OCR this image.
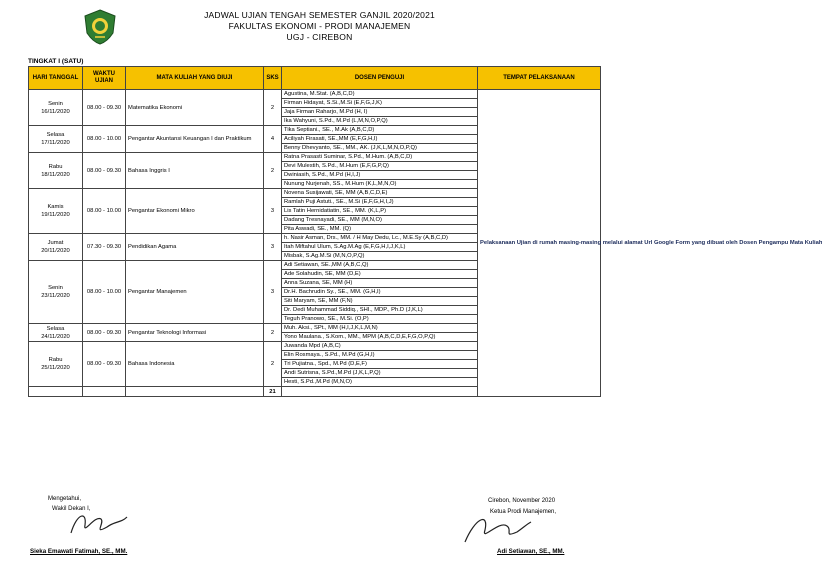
JADWAL UJIAN TENGAH SEMESTER GANJIL 2020/2021
FAKULTAS EKONOMI - PRODI MANAJEMEN
UGJ - CIREBON
TINGKAT I (SATU)
HARI TANGGAL	WAKTU UJIAN	MATA KULIAH YANG DIUJI	SKS	DOSEN PENGUJI	TEMPAT PELAKSANAAN

Senin
16/11/2020	08.00 - 09.30	Matematika Ekonomi	2	Agustina, M.Stat. (A,B,C,D)	Pelaksanaan Ujian di rumah masing-masing melalui alamat Url Google Form yang dibuat oleh Dosen Pengampu Mata Kuliah
				Firman Hidayat, S.Si.,M.Si (E,F,G,J,K)	
				Jaja Firman Raharjo, M.Pd (H, I)	
				Ika Wahyuni, S.Pd., M.Pd (L,M,N,O,P,Q)	

Selasa
17/11/2020	08.00 - 10.00	Pengantar Akuntansi Keuangan I dan Praktikum	4	Tika Septiani., SE., M.Ak (A,B,C,D)	
				Aciliyah Firasati, SE.,MM (E,F,G,H,I)	
				Benny Dhevyanto, SE., MM., AK. (J,K,L,M,N,O,P,Q)	

Rabu
18/11/2020	08.00 - 09.30	Bahasa Inggris I	2	Ratna Prasasti Suminar, S.Pd., M.Hum. (A,B,C,D)	
				Devi Mulestih, S.Pd., M.Hum (E,F,G,P,Q)	
				Dwiniasih, S.Pd., M.Pd (H,I,J)	
				Nunung Nurjenah, SS., M.Hum (K,L,M,N,O)	

Kamis
19/11/2020	08.00 - 10.00	Pengantar Ekonomi Mikro	3	Novena Susijawati, SE, MM (A,B,C,D,E)	
				Ramlah Puji Astuti., SE., M.Si (E,F,G,H,I,J)	
				Lis Tatin Hernidatiatin, SE., MM. (K,L,P)	
				Dadang Tresnayadi, SE., MM (M,N,O)	
				Pita Aswadi, SE., MM. (Q)	

Jumat
20/11/2020	07.30 - 09.30	Pendidikan Agama	3	h. Nasir Asman, Drs., MM. / H May Dedu, Lc., M.E.Sy (A,B,C,D)	
				Itah Miftahul Ulum, S.Ag.M.Ag (E,F,G,H,I,J,K,L)	
				Misbak, S.Ag.M.Si (M,N,O,P,Q)	

Senin
23/11/2020	08.00 - 10.00	Pengantar Manajemen	3	Adi Setiawan, SE.,MM (A,B,C,Q)	
				Ade Solahudin, SE, MM (D,E)	
				Anna Suzana, SE, MM (H)	
				Dr.H. Bachrudin Sy., SE., MM. (G,H,I)	
				Siti Maryam, SE, MM (F,N)	
				Dr. Dedi Muhammad Siddiq., SHI., MDP., Ph.D (J,K,L)	
				Teguh Pranowo, SE., M.Si. (O,P)	

Selasa
24/11/2020	08.00 - 09.30	Pengantar Teknologi Informasi	2	Muh. Aksi., SPt., MM (H,I,J,K,L,M,N)	
				Yono Maulana., S.Kom., MM., MPM (A,B,C,D,E,F,G,O,P,Q)	

Rabu
25/11/2020	08.00 - 09.30	Bahasa Indonesia	2	Juwanda Mpd (A,B,C)	
				Elin Rosmaya., S.Pd., M.Pd (G,H,I)	
				Tri Pujiatna., Spd., M.Pd (D,E,F)	
				Andi Sutrisna, S.Pd.,M.Pd (J,K,L,P,Q)	
				Hesti, S.Pd.,M.Pd (M,N,O)	
			21		
Mengetahui,
Wakil Dekan I,
Sieka Emawati Fatimah, SE., MM.
Cirebon, November 2020
Ketua Prodi Manajemen,
Adi Setiawan, SE., MM.
